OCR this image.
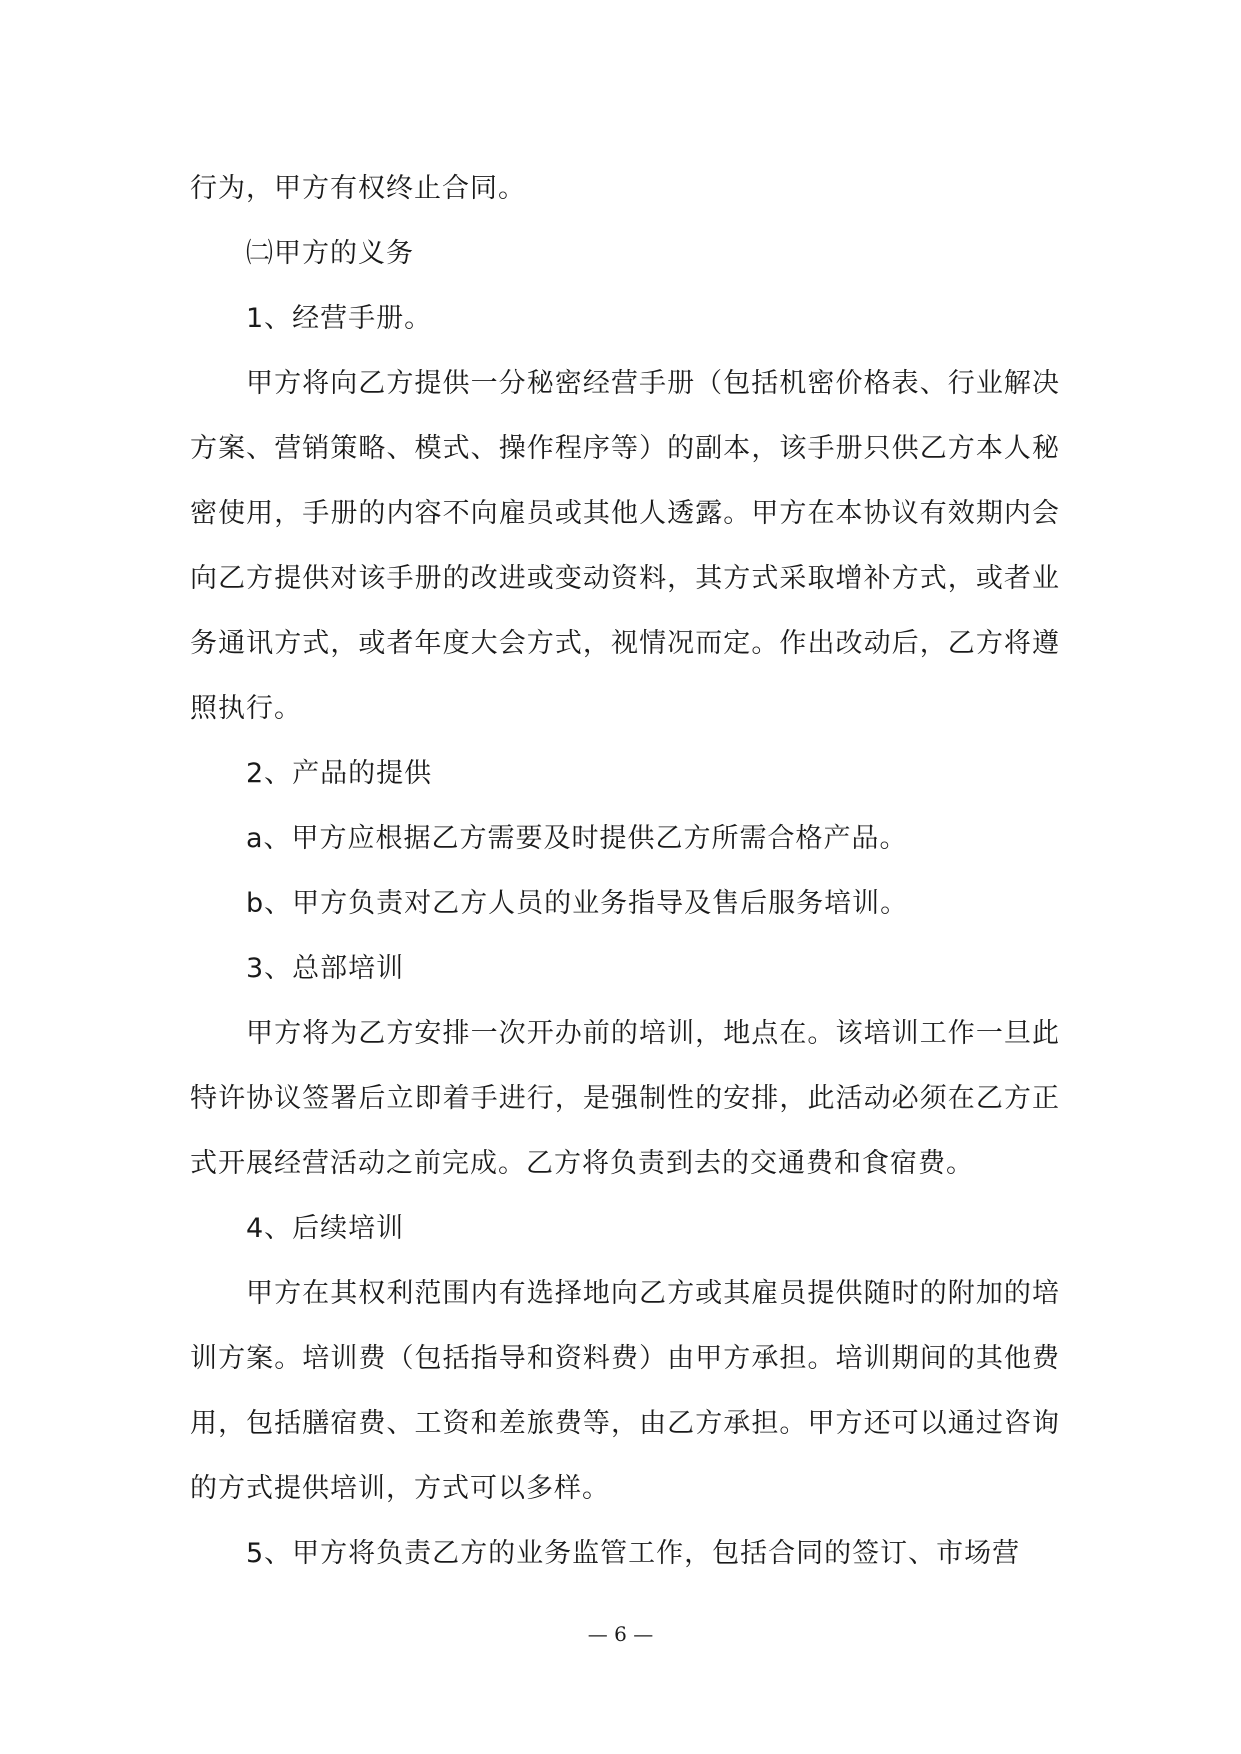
行为，甲方有权终止合同。

㈡甲方的义务

1、经营手册。

甲方将向乙方提供一分秘密经营手册（包括机密价格表、行业解决方案、营销策略、模式、操作程序等）的副本，该手册只供乙方本人秘密使用，手册的内容不向雇员或其他人透露。甲方在本协议有效期内会向乙方提供对该手册的改进或变动资料，其方式采取增补方式，或者业务通讯方式，或者年度大会方式，视情况而定。作出改动后，乙方将遵照执行。

2、产品的提供

a、甲方应根据乙方需要及时提供乙方所需合格产品。

b、甲方负责对乙方人员的业务指导及售后服务培训。

3、总部培训

甲方将为乙方安排一次开办前的培训，地点在。该培训工作一旦此特许协议签署后立即着手进行，是强制性的安排，此活动必须在乙方正式开展经营活动之前完成。乙方将负责到去的交通费和食宿费。

4、后续培训

甲方在其权利范围内有选择地向乙方或其雇员提供随时的附加的培训方案。培训费（包括指导和资料费）由甲方承担。培训期间的其他费用，包括膳宿费、工资和差旅费等，由乙方承担。甲方还可以通过咨询的方式提供培训，方式可以多样。

5、甲方将负责乙方的业务监管工作，包括合同的签订、市场营

— 6 —
